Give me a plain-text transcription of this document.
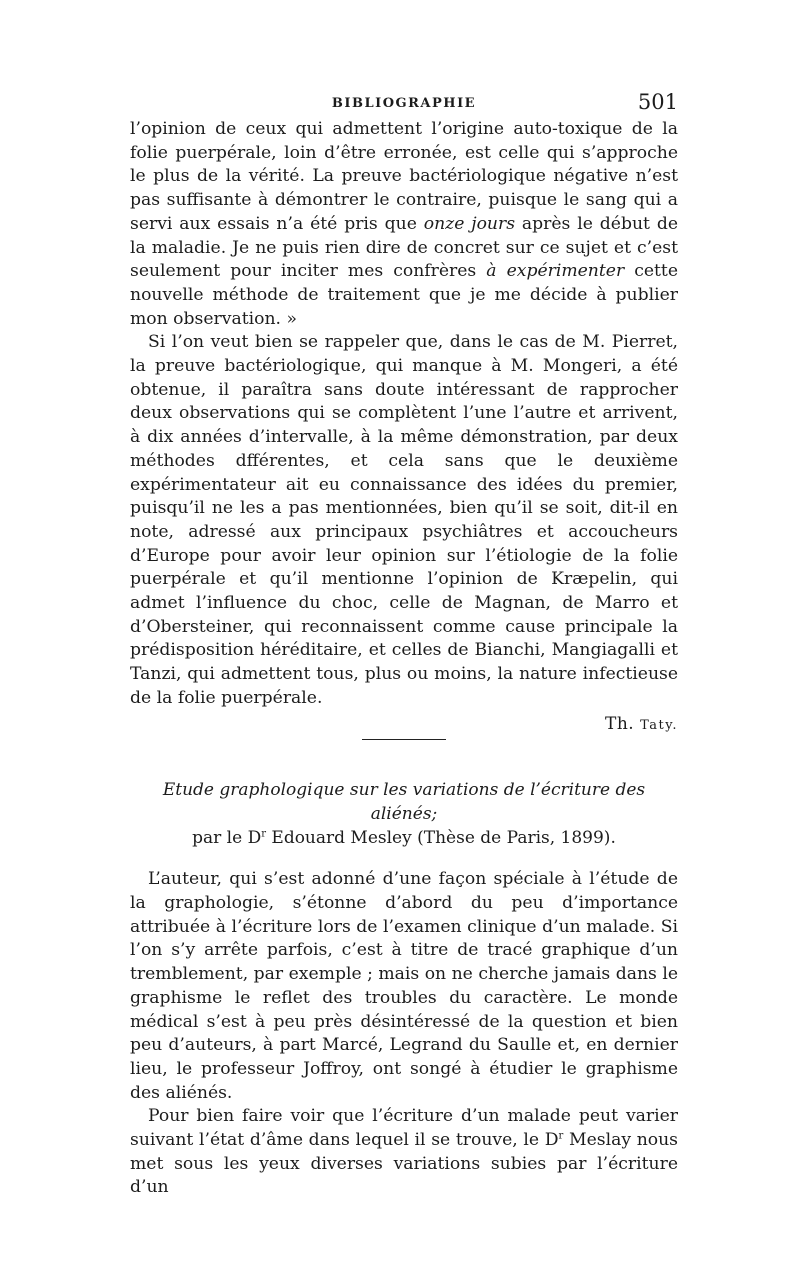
BIBLIOGRAPHIE	501

l’opinion de ceux qui admettent l’origine auto-toxique de la folie puerpérale, loin d’être erronée, est celle qui s’approche le plus de la vérité. La preuve bactériologique négative n’est pas suffisante à démontrer le contraire, puisque le sang qui a servi aux essais n’a été pris que onze jours après le début de la maladie. Je ne puis rien dire de concret sur ce sujet et c’est seulement pour inciter mes confrères à expérimenter cette nouvelle méthode de traitement que je me décide à publier mon observation. »

Si l’on veut bien se rappeler que, dans le cas de M. Pierret, la preuve bactériologique, qui manque à M. Mongeri, a été obtenue, il paraîtra sans doute intéressant de rapprocher deux observations qui se complètent l’une l’autre et arrivent, à dix années d’intervalle, à la même démonstration, par deux méthodes dfférentes, et cela sans que le deuxième expérimentateur ait eu connaissance des idées du premier, puisqu’il ne les a pas mentionnées, bien qu’il se soit, dit-il en note, adressé aux principaux psychiâtres et accoucheurs d’Europe pour avoir leur opinion sur l’étiologie de la folie puerpérale et qu’il mentionne l’opinion de Kræpelin, qui admet l’influence du choc, celle de Magnan, de Marro et d’Obersteiner, qui reconnaissent comme cause principale la prédisposition héréditaire, et celles de Bianchi, Mangiagalli et Tanzi, qui admettent tous, plus ou moins, la nature infectieuse de la folie puerpérale.

Th. Taty.
Etude graphologique sur les variations de l’écriture des aliénés;
par le $D^r$ Edouard Mesley (Thèse de Paris, 1899).

L’auteur, qui s’est adonné d’une façon spéciale à l’étude de la graphologie, s’étonne d’abord du peu d’importance attribuée à l’écriture lors de l’examen clinique d’un malade. Si l’on s’y arrête parfois, c’est à titre de tracé graphique d’un tremblement, par exemple ; mais on ne cherche jamais dans le graphisme le reflet des troubles du caractère. Le monde médical s’est à peu près désintéressé de la question et bien peu d’auteurs, à part Marcé, Legrand du Saulle et, en dernier lieu, le professeur Joffroy, ont songé à étudier le graphisme des aliénés.

Pour bien faire voir que l’écriture d’un malade peut varier suivant l’état d’âme dans lequel il se trouve, le $D^r$ Meslay nous met sous les yeux diverses variations subies par l’écriture d’un
